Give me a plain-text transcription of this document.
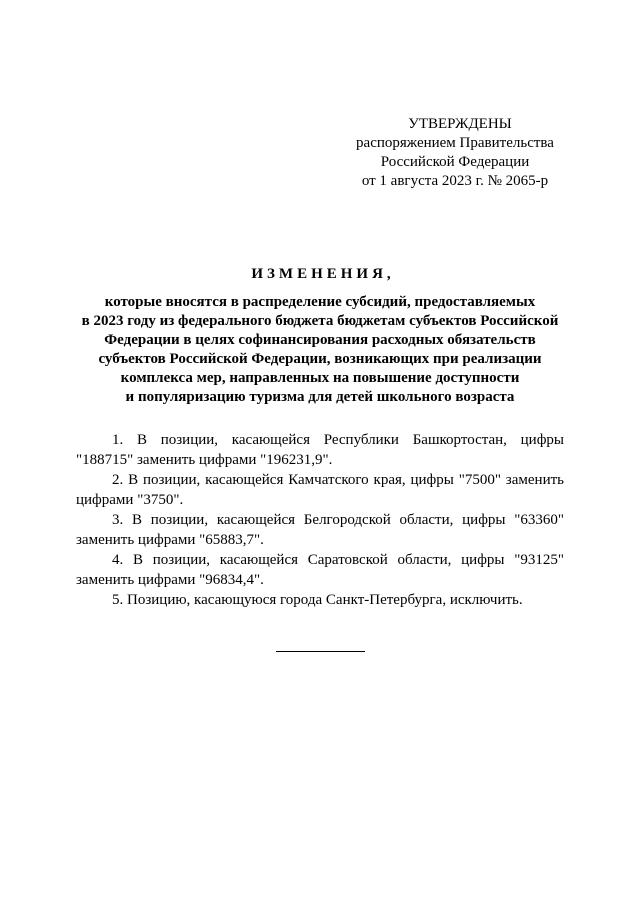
УТВЕРЖДЕНЫ
распоряжением Правительства
Российской Федерации
от 1 августа 2023 г. № 2065-р
ИЗМЕНЕНИЯ,
которые вносятся в распределение субсидий, предоставляемых
в 2023 году из федерального бюджета бюджетам субъектов Российской
Федерации в целях софинансирования расходных обязательств
субъектов Российской Федерации, возникающих при реализации
комплекса мер, направленных на повышение доступности
и популяризацию туризма для детей школьного возраста

1. В позиции, касающейся Республики Башкортостан, цифры
"188715" заменить цифрами "196231,9".

2. В позиции, касающейся Камчатского края, цифры "7500" заменить
цифрами "3750".

3. В позиции, касающейся Белгородской области, цифры "63360"
заменить цифрами "65883,7".

4. В позиции, касающейся Саратовской области, цифры "93125"
заменить цифрами "96834,4".

5. Позицию, касающуюся города Санкт-Петербурга, исключить.
